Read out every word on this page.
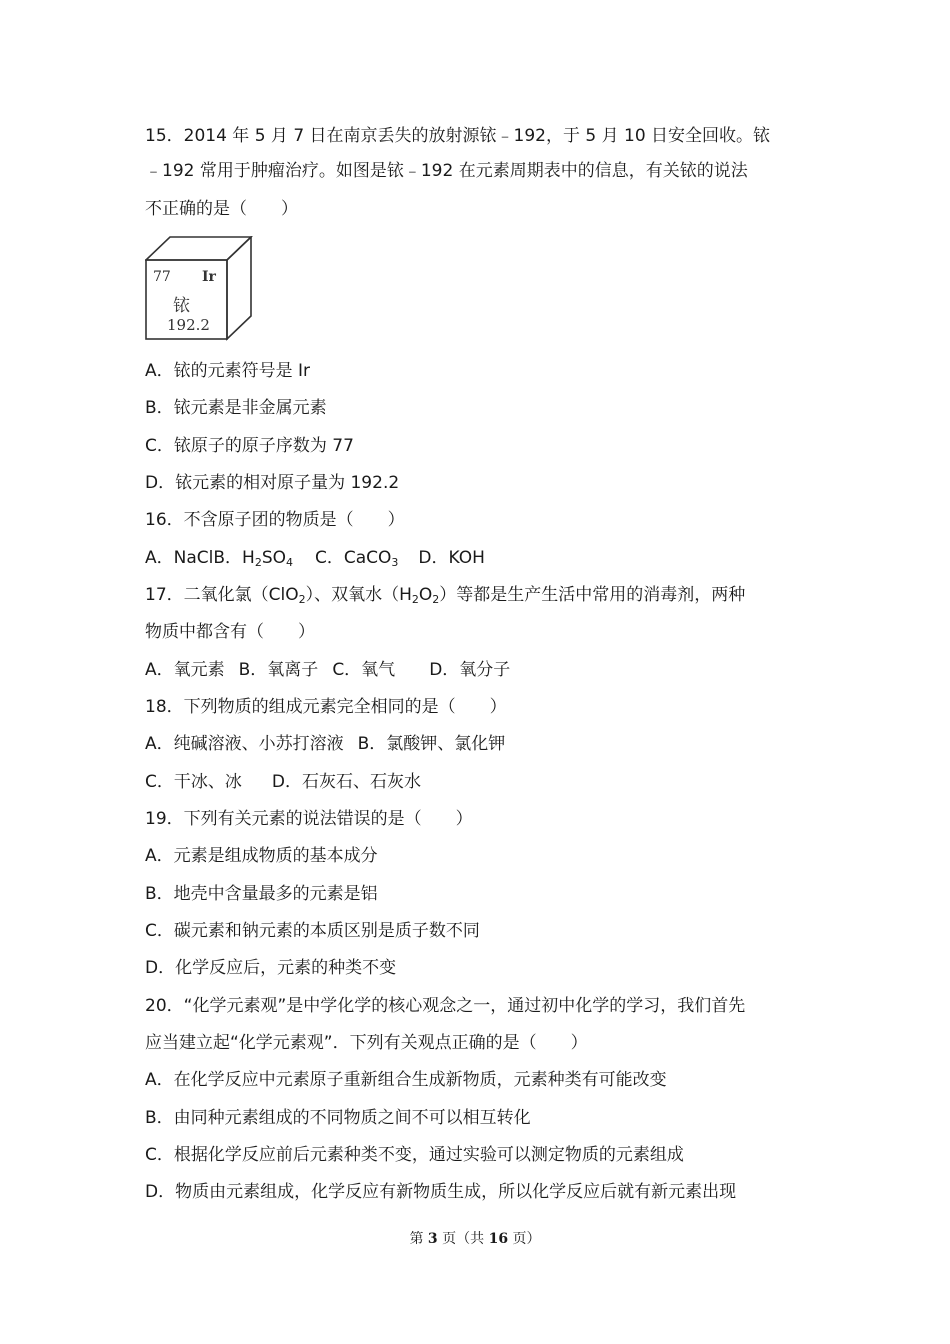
15．2014 年 5 月 7 日在南京丢失的放射源铱﹣192，于 5 月 10 日安全回收。铱
﹣192 常用于肿瘤治疗。如图是铱﹣192 在元素周期表中的信息，有关铱的说法
不正确的是（　　）
77 Ir
铱
192.2
A．铱的元素符号是 Ir
B．铱元素是非金属元素
C．铱原子的原子序数为 77
D．铱元素的相对原子量为 192.2
16．不含原子团的物质是（　　）
A．NaClB．$H_2SO_4$ C．CaCO$_3$ D．KOH
17．二氧化氯（ClO$_2$）、双氧水$(H_2O_2)$等都是生产生活中常用的消毒剂，两种
物质中都含有（　　）
A．氧元素 B．氧离子 C．氧气 D．氧分子
18．下列物质的组成元素完全相同的是（　　）
A．纯碱溶液、小苏打溶液 B．氯酸钾、氯化钾
C．干冰、冰 D．石灰石、石灰水
19．下列有关元素的说法错误的是（　　）
A．元素是组成物质的基本成分
B．地壳中含量最多的元素是铝
C．碳元素和钠元素的本质区别是质子数不同
D．化学反应后，元素的种类不变
20．“化学元素观”是中学化学的核心观念之一，通过初中化学的学习，我们首先
应当建立起“化学元素观”．下列有关观点正确的是（　　）
A．在化学反应中元素原子重新组合生成新物质，元素种类有可能改变
B．由同种元素组成的不同物质之间不可以相互转化
C．根据化学反应前后元素种类不变，通过实验可以测定物质的元素组成
D．物质由元素组成，化学反应有新物质生成，所以化学反应后就有新元素出现
第 3 页（共 16 页）
